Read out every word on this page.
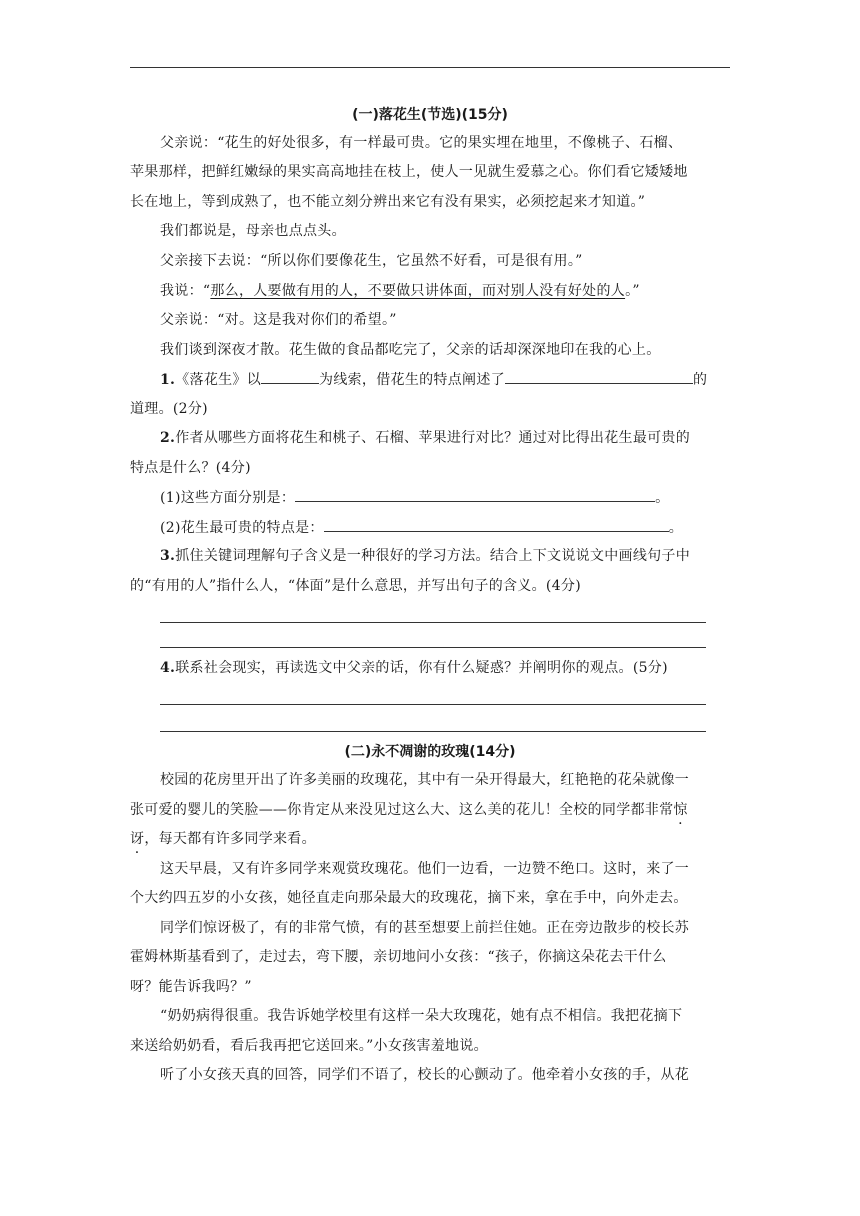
(一)落花生(节选)(15分)
父亲说：“花生的好处很多，有一样最可贵。它的果实埋在地里，不像桃子、石榴、
苹果那样，把鲜红嫩绿的果实高高地挂在枝上，使人一见就生爱慕之心。你们看它矮矮地
长在地上，等到成熟了，也不能立刻分辨出来它有没有果实，必须挖起来才知道。”
我们都说是，母亲也点点头。
父亲接下去说：“所以你们要像花生，它虽然不好看，可是很有用。”
我说：“那么，人要做有用的人，不要做只讲体面，而对别人没有好处的人。”
父亲说：“对。这是我对你们的希望。”
我们谈到深夜才散。花生做的食品都吃完了，父亲的话却深深地印在我的心上。
1.《落花生》以	为线索，借花生的特点阐述了	的
道理。(2分)
2.作者从哪些方面将花生和桃子、石榴、苹果进行对比？通过对比得出花生最可贵的
特点是什么？(4分)
(1)这些方面分别是：	。
(2)花生最可贵的特点是：	。
3.抓住关键词理解句子含义是一种很好的学习方法。结合上下文说说文中画线句子中
的“有用的人”指什么人，“体面”是什么意思，并写出句子的含义。(4分)
4.联系社会现实，再读选文中父亲的话，你有什么疑惑？并阐明你的观点。(5分)
(二)永不凋谢的玫瑰(14分)
校园的花房里开出了许多美丽的玫瑰花，其中有一朵开得最大，红艳艳的花朵就像一
张可爱的婴儿的笑脸——你肯定从来没见过这么大、这么美的花儿！全校的同学都非常惊
讶，每天都有许多同学来看。
这天早晨，又有许多同学来观赏玫瑰花。他们一边看，一边赞不绝口。这时，来了一
个大约四五岁的小女孩，她径直走向那朵最大的玫瑰花，摘下来，拿在手中，向外走去。
同学们惊讶极了，有的非常气愤，有的甚至想要上前拦住她。正在旁边散步的校长苏
霍姆林斯基看到了，走过去，弯下腰，亲切地问小女孩：“孩子，你摘这朵花去干什么
呀？能告诉我吗？”
“奶奶病得很重。我告诉她学校里有这样一朵大玫瑰花，她有点不相信。我把花摘下
来送给奶奶看，看后我再把它送回来。”小女孩害羞地说。
听了小女孩天真的回答，同学们不语了，校长的心颤动了。他牵着小女孩的手，从花
